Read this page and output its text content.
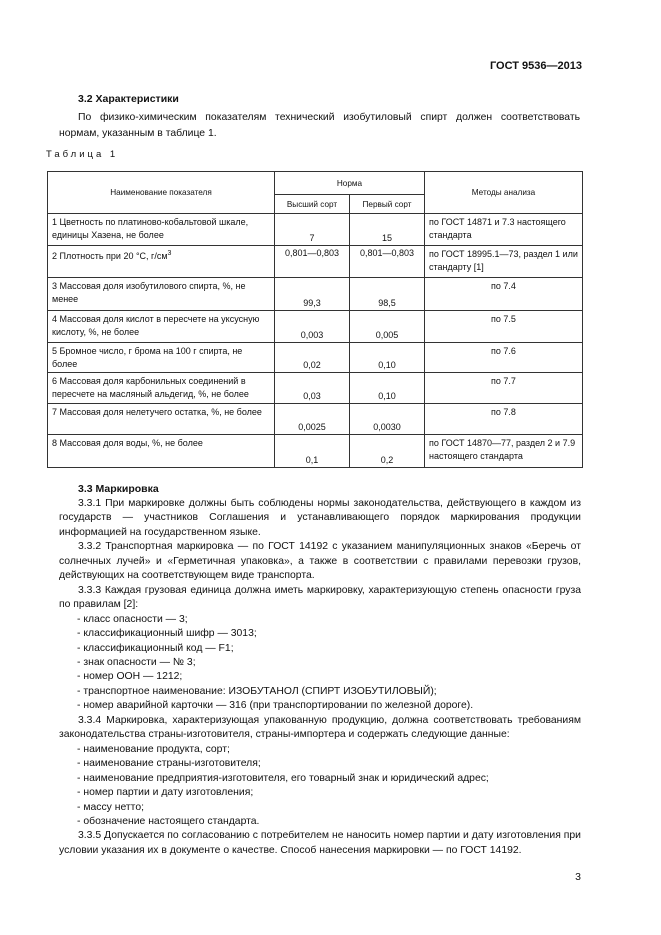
ГОСТ 9536—2013
3.2 Характеристики

По физико-химическим показателям технический изобутиловый спирт должен соответствовать нормам, указанным в таблице 1.

Таблица 1
Наименование показателя	Норма		Методы анализа
	Высший сорт	Первый сорт	
1 Цветность по платиново-кобальтовой шкале, единицы Хазена, не более	7	15	по ГОСТ 14871 и 7.3 настоящего стандарта
2 Плотность при 20 °С, $г/см^3$	0,801—0,803	0,801—0,803	по ГОСТ 18995.1—73, раздел 1 или стандарту [1]
3 Массовая доля изобутилового спирта, %, не менее	99,3	98,5	по 7.4
4 Массовая доля кислот в пересчете на уксусную кислоту, %, не более	0,003	0,005	по 7.5
5 Бромное число, г брома на 100 г спирта, не более	0,02	0,10	по 7.6
6 Массовая доля карбонильных соединений в пересчете на масляный альдегид, %, не более	0,03	0,10	по 7.7
7 Массовая доля нелетучего остатка, %, не более	0,0025	0,0030	по 7.8
8 Массовая доля воды, %, не более	0,1	0,2	по ГОСТ 14870—77, раздел 2 и 7.9 настоящего стандарта
3.3 Маркировка

3.3.1 При маркировке должны быть соблюдены нормы законодательства, действующего в каждом из государств — участников Соглашения и устанавливающего порядок маркирования продукции информацией на государственном языке.

3.3.2 Транспортная маркировка — по ГОСТ 14192 с указанием манипуляционных знаков «Беречь от солнечных лучей» и «Герметичная упаковка», а также в соответствии с правилами перевозки грузов, действующих на соответствующем виде транспорта.

3.3.3 Каждая грузовая единица должна иметь маркировку, характеризующую степень опасности груза по правилам [2]:

- класс опасности — 3;

- классификационный шифр — 3013;

- классификационный код — F1;

- знак опасности — № 3;

- номер ООН — 1212;

- транспортное наименование: ИЗОБУТАНОЛ (СПИРТ ИЗОБУТИЛОВЫЙ);

- номер аварийной карточки — 316 (при транспортировании по железной дороге).

3.3.4 Маркировка, характеризующая упакованную продукцию, должна соответствовать требованиям законодательства страны-изготовителя, страны-импортера и содержать следующие данные:

- наименование продукта, сорт;

- наименование страны-изготовителя;

- наименование предприятия-изготовителя, его товарный знак и юридический адрес;

- номер партии и дату изготовления;

- массу нетто;

- обозначение настоящего стандарта.

3.3.5 Допускается по согласованию с потребителем не наносить номер партии и дату изготовления при условии указания их в документе о качестве. Способ нанесения маркировки — по ГОСТ 14192.

3
